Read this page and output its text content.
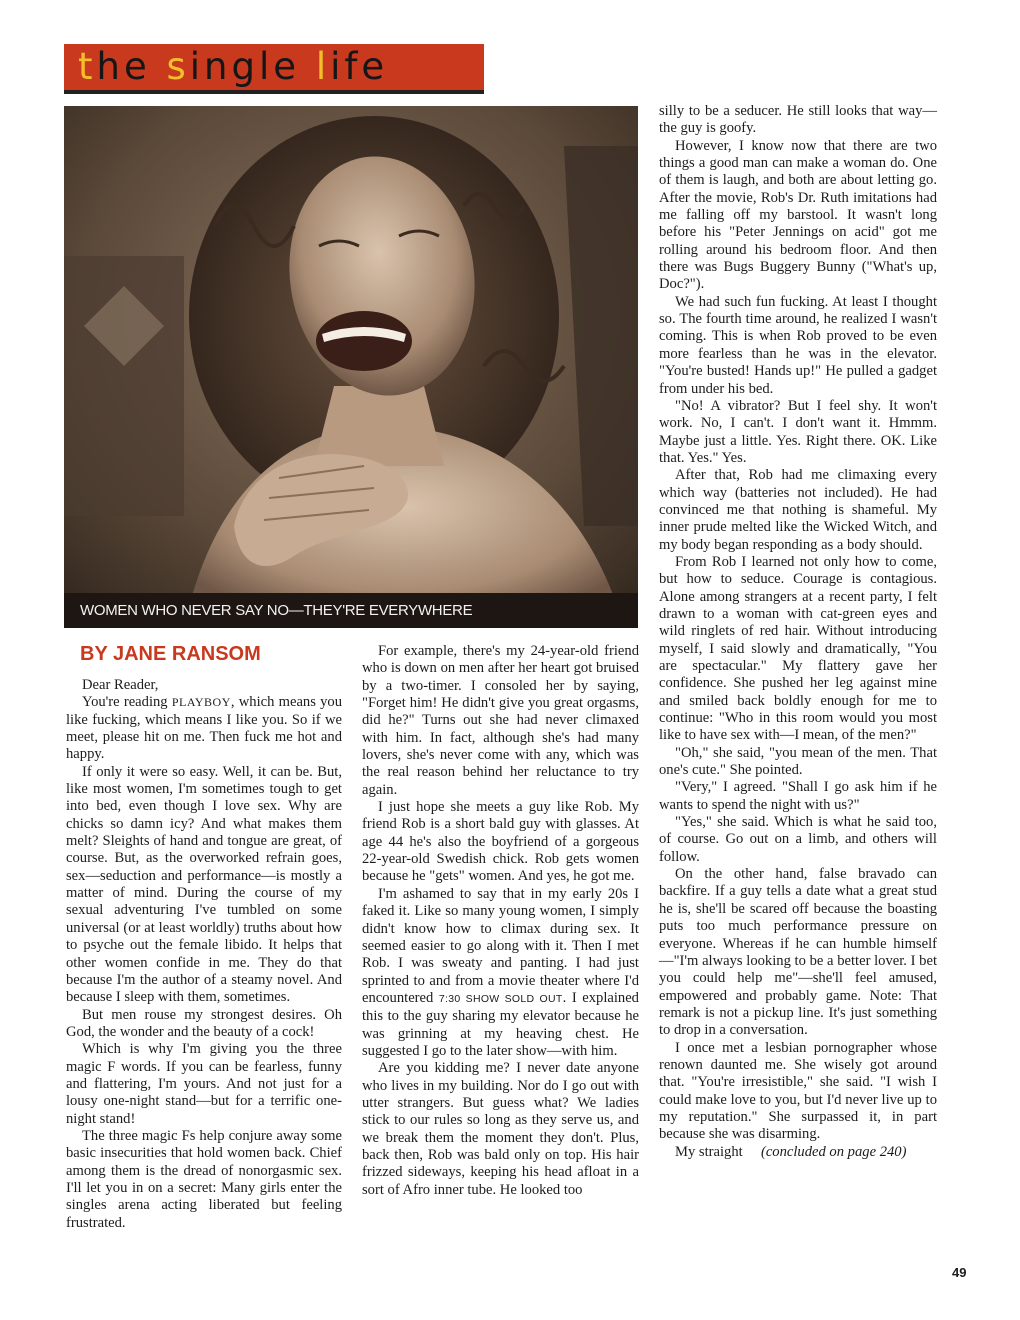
the single life
WOMEN WHO NEVER SAY NO—THEY'RE EVERYWHERE
BY JANE RANSOM

Dear Reader,

You're reading PLAYBOY, which means you like fucking, which means I like you. So if we meet, please hit on me. Then fuck me hot and happy.

If only it were so easy. Well, it can be. But, like most women, I'm sometimes tough to get into bed, even though I love sex. Why are chicks so damn icy? And what makes them melt? Sleights of hand and tongue are great, of course. But, as the overworked refrain goes, sex—seduction and performance—is mostly a matter of mind. During the course of my sexual adventuring I've tumbled on some universal (or at least worldly) truths about how to psyche out the female libido. It helps that other women confide in me. They do that because I'm the author of a steamy novel. And because I sleep with them, sometimes.

But men rouse my strongest desires. Oh God, the wonder and the beauty of a cock!

Which is why I'm giving you the three magic F words. If you can be fearless, funny and flattering, I'm yours. And not just for a lousy one-night stand—but for a terrific one-night stand!

The three magic Fs help conjure away some basic insecurities that hold women back. Chief among them is the dread of nonorgasmic sex. I'll let you in on a secret: Many girls enter the singles arena acting liberated but feeling frustrated.

For example, there's my 24-year-old friend who is down on men after her heart got bruised by a two-timer. I consoled her by saying, "Forget him! He didn't give you great orgasms, did he?" Turns out she had never climaxed with him. In fact, although she's had many lovers, she's never come with any, which was the real reason behind her reluctance to try again.

I just hope she meets a guy like Rob. My friend Rob is a short bald guy with glasses. At age 44 he's also the boyfriend of a gorgeous 22-year-old Swedish chick. Rob gets women because he "gets" women. And yes, he got me.

I'm ashamed to say that in my early 20s I faked it. Like so many young women, I simply didn't know how to climax during sex. It seemed easier to go along with it. Then I met Rob. I was sweaty and panting. I had just sprinted to and from a movie theater where I'd encountered 7:30 SHOW SOLD OUT. I explained this to the guy sharing my elevator because he was grinning at my heaving chest. He suggested I go to the later show—with him.

Are you kidding me? I never date anyone who lives in my building. Nor do I go out with utter strangers. But guess what? We ladies stick to our rules so long as they serve us, and we break them the moment they don't. Plus, back then, Rob was bald only on top. His hair frizzed sideways, keeping his head afloat in a sort of Afro inner tube. He looked too

silly to be a seducer. He still looks that way—the guy is goofy.

However, I know now that there are two things a good man can make a woman do. One of them is laugh, and both are about letting go. After the movie, Rob's Dr. Ruth imitations had me falling off my barstool. It wasn't long before his "Peter Jennings on acid" got me rolling around his bedroom floor. And then there was Bugs Buggery Bunny ("What's up, Doc?").

We had such fun fucking. At least I thought so. The fourth time around, he realized I wasn't coming. This is when Rob proved to be even more fearless than he was in the elevator. "You're busted! Hands up!" He pulled a gadget from under his bed.

"No! A vibrator? But I feel shy. It won't work. No, I can't. I don't want it. Hmmm. Maybe just a little. Yes. Right there. OK. Like that. Yes." Yes.

After that, Rob had me climaxing every which way (batteries not included). He had convinced me that nothing is shameful. My inner prude melted like the Wicked Witch, and my body began responding as a body should.

From Rob I learned not only how to come, but how to seduce. Courage is contagious. Alone among strangers at a recent party, I felt drawn to a woman with cat-green eyes and wild ringlets of red hair. Without introducing myself, I said slowly and dramatically, "You are spectacular." My flattery gave her confidence. She pushed her leg against mine and smiled back boldly enough for me to continue: "Who in this room would you most like to have sex with—I mean, of the men?"

"Oh," she said, "you mean of the men. That one's cute." She pointed.

"Very," I agreed. "Shall I go ask him if he wants to spend the night with us?"

"Yes," she said. Which is what he said too, of course. Go out on a limb, and others will follow.

On the other hand, false bravado can backfire. If a guy tells a date what a great stud he is, she'll be scared off because the boasting puts too much performance pressure on everyone. Whereas if he can humble himself—"I'm always looking to be a better lover. I bet you could help me"—she'll feel amused, empowered and probably game. Note: That remark is not a pickup line. It's just something to drop in a conversation.

I once met a lesbian pornographer whose renown daunted me. She wisely got around that. "You're irresistible," she said. "I wish I could make love to you, but I'd never live up to my reputation." She surpassed it, in part because she was disarming.

My straight (concluded on page 240)

49
